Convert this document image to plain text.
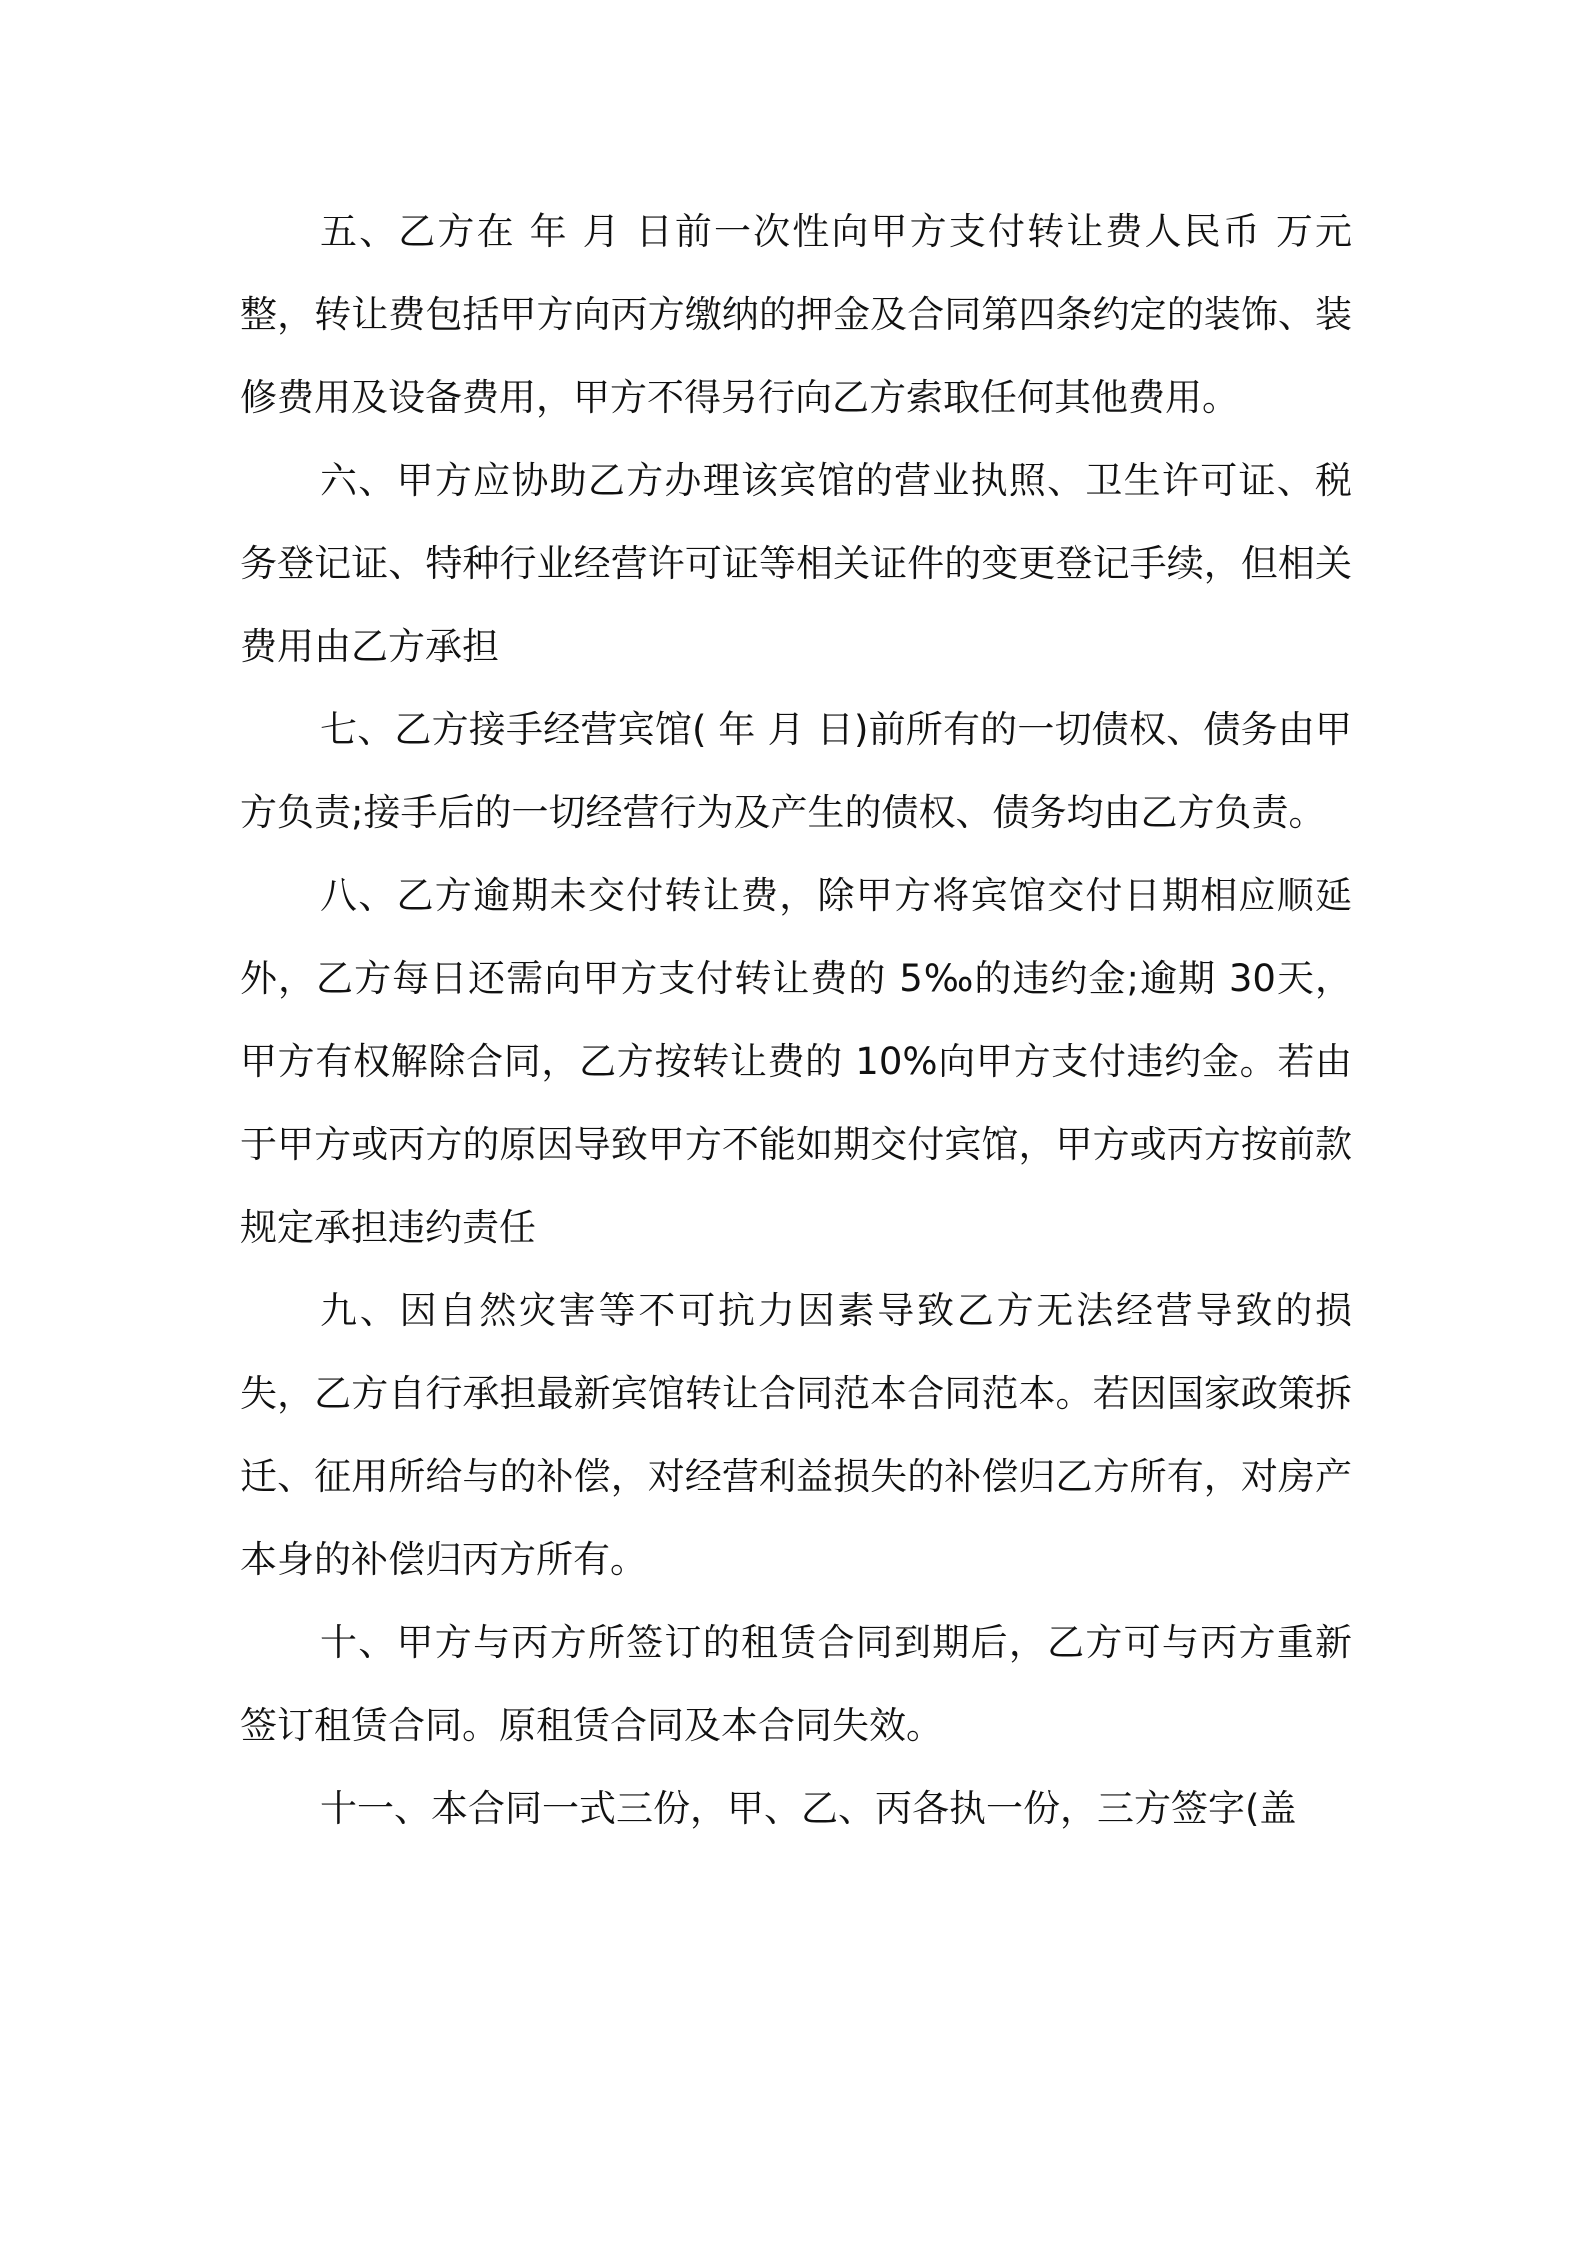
五、乙方在 年 月 日前一次性向甲方支付转让费人民币 万元整，转让费包括甲方向丙方缴纳的押金及合同第四条约定的装饰、装修费用及设备费用，甲方不得另行向乙方索取任何其他费用。

六、甲方应协助乙方办理该宾馆的营业执照、卫生许可证、税务登记证、特种行业经营许可证等相关证件的变更登记手续，但相关费用由乙方承担

七、乙方接手经营宾馆( 年 月 日)前所有的一切债权、债务由甲方负责;接手后的一切经营行为及产生的债权、债务均由乙方负责。

八、乙方逾期未交付转让费，除甲方将宾馆交付日期相应顺延外，乙方每日还需向甲方支付转让费的 5‰的违约金;逾期 30天，甲方有权解除合同，乙方按转让费的 10%向甲方支付违约金。若由于甲方或丙方的原因导致甲方不能如期交付宾馆，甲方或丙方按前款规定承担违约责任

九、因自然灾害等不可抗力因素导致乙方无法经营导致的损失，乙方自行承担最新宾馆转让合同范本合同范本。若因国家政策拆迁、征用所给与的补偿，对经营利益损失的补偿归乙方所有，对房产本身的补偿归丙方所有。

十、甲方与丙方所签订的租赁合同到期后，乙方可与丙方重新签订租赁合同。原租赁合同及本合同失效。

十一、本合同一式三份，甲、乙、丙各执一份，三方签字(盖
